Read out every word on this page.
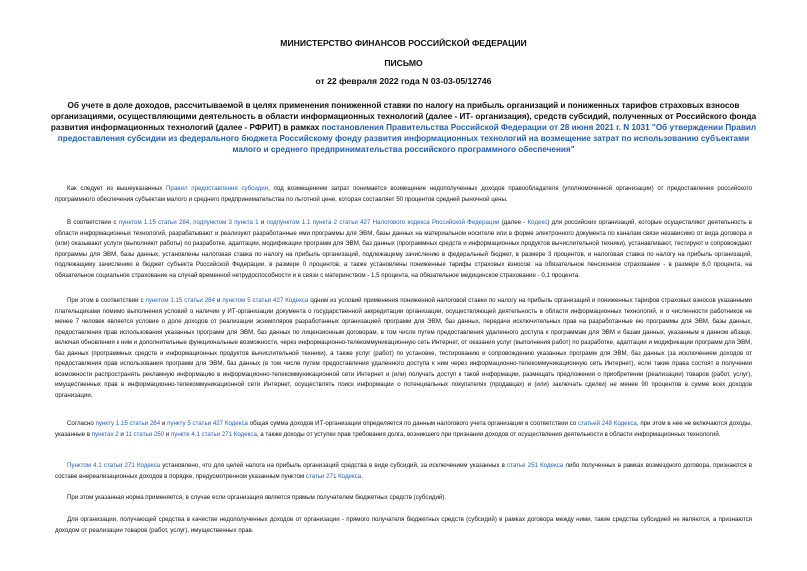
МИНИСТЕРСТВО ФИНАНСОВ РОССИЙСКОЙ ФЕДЕРАЦИИ
ПИСЬМО
от 22 февраля 2022 года N 03-03-05/12746
Об учете в доле доходов, рассчитываемой в целях применения пониженной ставки по налогу на прибыль организаций и пониженных тарифов страховых взносов организациями, осуществляющими деятельность в области информационных технологий (далее - ИТ- организация), средств субсидий, полученных от Российского фонда развития информационных технологий (далее - РФРИТ) в рамках постановления Правительства Российской Федерации от 28 июня 2021 г. N 1031 "Об утверждении Правил предоставления субсидии из федерального бюджета Российскому фонду развития информационных технологий на возмещение затрат по использованию субъектами малого и среднего предпринимательства российского программного обеспечения"
Как следует из вышеуказанных Правил предоставления субсидии, под возмещением затрат понимается возмещение недополученных доходов правообладателя (уполномоченной организации) от предоставления российского программного обеспечения субъектам малого и среднего предпринимательства по льготной цене, которая составляет 50 процентов средней рыночной цены.
В соответствии с пунктом 1.15 статьи 284, подпунктом 3 пункта 1 и подпунктом 1.1 пункта 2 статьи 427 Налогового кодекса Российской Федерации (далее - Кодекс) для российских организаций, которые осуществляют деятельность в области информационных технологий, разрабатывают и реализуют разработанные ими программы для ЭВМ, базы данных на материальном носителе или в форме электронного документа по каналам связи независимо от вида договора и (или) оказывают услуги (выполняют работы) по разработке, адаптации, модификации программ для ЭВМ, баз данных (программных средств и информационных продуктов вычислительной техники), устанавливают, тестируют и сопровождают программы для ЭВМ, базы данных, установлены налоговая ставка по налогу на прибыль организаций, подлежащему зачислению в федеральный бюджет, в размере 3 процентов, и налоговая ставка по налогу на прибыль организаций, подлежащему зачислению в бюджет субъекта Российской Федерации, в размере 0 процентов, а также установлены пониженные тарифы страховых взносов: на обязательное пенсионное страхование - в размере 6,0 процента, на обязательное социальное страхование на случай временной нетрудоспособности и в связи с материнством - 1,5 процента, на обязательное медицинское страхование - 0,1 процента.
При этом в соответствии с пунктом 1.15 статьи 284 и пунктом 5 статьи 427 Кодекса одним из условий применения пониженной налоговой ставки по налогу на прибыль организаций и пониженных тарифов страховых взносов указанными плательщиками помимо выполнения условий о наличии у ИТ-организации документа о государственной аккредитации организации, осуществляющей деятельность в области информационных технологий, и о численности работников не менее 7 человек является условие о доле доходов от реализации экземпляров разработанных организацией программ для ЭВМ, баз данных, передачи исключительных прав на разработанные ею программы для ЭВМ, базы данных, предоставления прав использования указанных программ для ЭВМ, баз данных по лицензионным договорам, в том числе путем предоставления удаленного доступа к программам для ЭВМ и базам данных, указанным в данном абзаце, включая обновления к ним и дополнительные функциональные возможности, через информационно-телекоммуникационную сеть Интернет, от оказания услуг (выполнения работ) по разработке, адаптации и модификации программ для ЭВМ, баз данных (программных средств и информационных продуктов вычислительной техники), а также услуг (работ) по установке, тестированию и сопровождению указанных программ для ЭВМ, баз данных (за исключением доходов от предоставления прав использования программ для ЭВМ, баз данных (в том числе путем предоставления удаленного доступа к ним через информационно-телекоммуникационную сеть Интернет), если такие права состоят в получении возможности распространять рекламную информацию в информационно-телекоммуникационной сети Интернет и (или) получать доступ к такой информации, размещать предложения о приобретении (реализации) товаров (работ, услуг), имущественных прав в информационно-телекоммуникационной сети Интернет, осуществлять поиск информации о потенциальных покупателях (продавцах) и (или) заключать сделки) не менее 90 процентов в сумме всех доходов организации.
Согласно пункту 1.15 статьи 284 и пункту 5 статьи 427 Кодекса общая сумма доходов ИТ-организации определяется по данным налогового учета организации в соответствии со статьей 248 Кодекса, при этом в нее не включаются доходы, указанные в пунктах 2 и 11 статьи 250 и пункте 4.1 статьи 271 Кодекса, а также доходы от уступки прав требования долга, возникшего при признании доходов от осуществления деятельности в области информационных технологий.
Пунктом 4.1 статьи 271 Кодекса установлено, что для целей налога на прибыль организаций средства в виде субсидий, за исключением указанных в статье 251 Кодекса либо полученных в рамках возмездного договора, признаются в составе внереализационных доходов в порядке, предусмотренном указанным пунктом статьи 271 Кодекса.
При этом указанная норма применяется, в случае если организация является прямым получателем бюджетных средств (субсидий).
Для организации, получающей средства в качестве недополученных доходов от организации - прямого получателя бюджетных средств (субсидий) в рамках договора между ними, такие средства субсидией не являются, а признаются доходом от реализации товаров (работ, услуг), имущественных прав.
